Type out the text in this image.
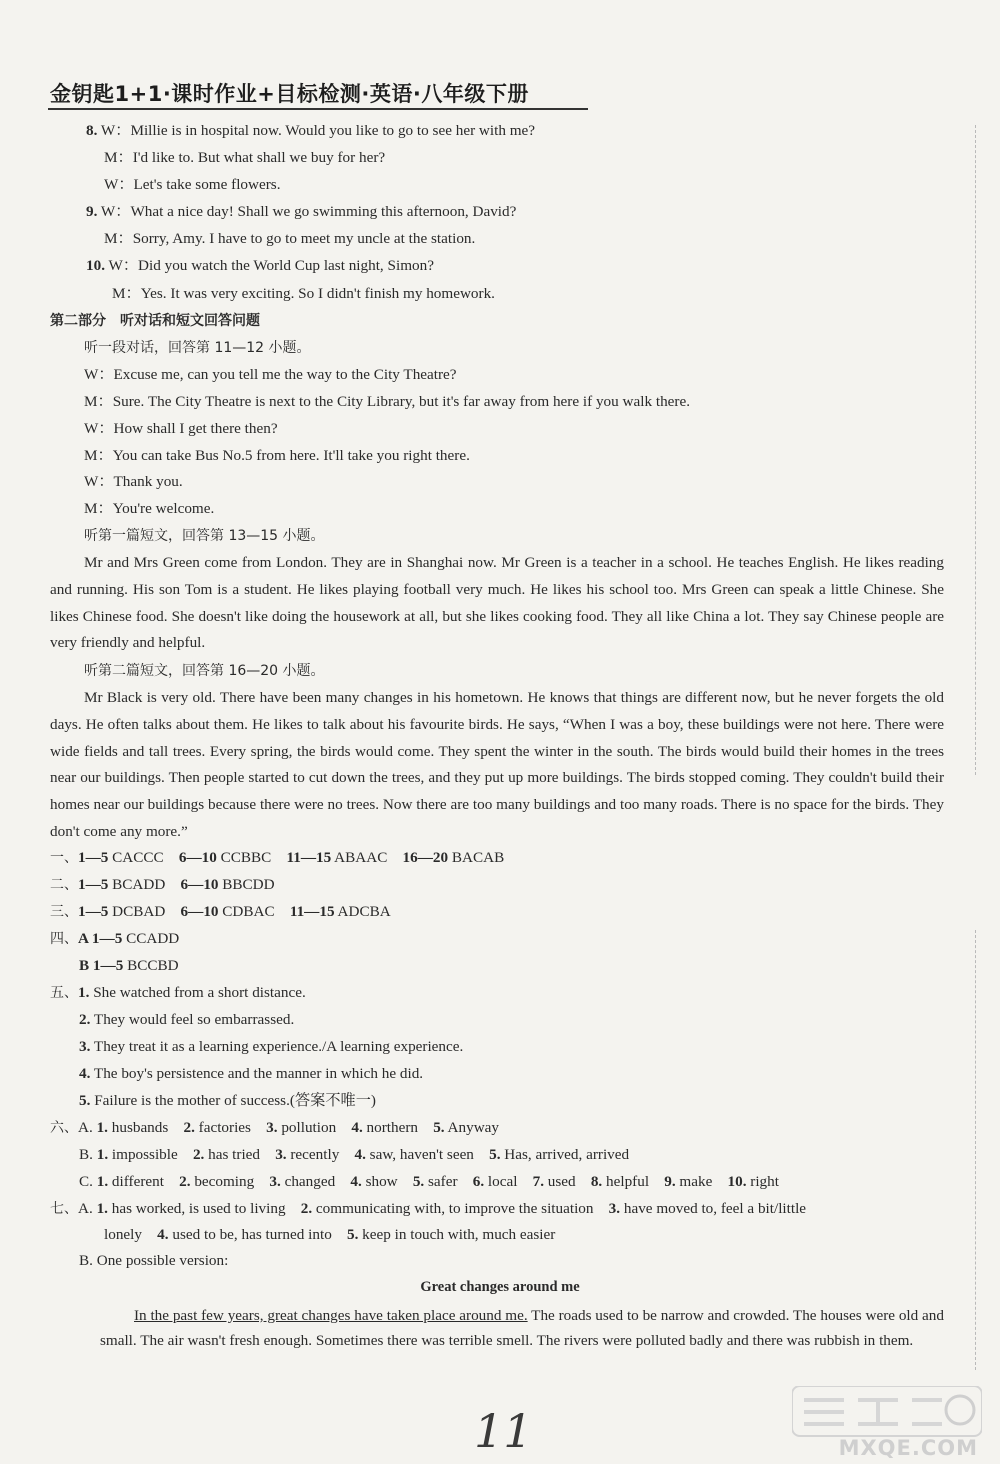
金钥匙1+1·课时作业+目标检测·英语·八年级下册
8. W：Millie is in hospital now. Would you like to go to see her with me?
M：I'd like to. But what shall we buy for her?
W：Let's take some flowers.
9. W：What a nice day! Shall we go swimming this afternoon, David?
M：Sorry, Amy. I have to go to meet my uncle at the station.
10. W：Did you watch the World Cup last night, Simon?
M：Yes. It was very exciting. So I didn't finish my homework.
第二部分　听对话和短文回答问题
听一段对话，回答第 11—12 小题。
W：Excuse me, can you tell me the way to the City Theatre?
M：Sure. The City Theatre is next to the City Library, but it's far away from here if you walk there.
W：How shall I get there then?
M：You can take Bus No.5 from here. It'll take you right there.
W：Thank you.
M：You're welcome.
听第一篇短文，回答第 13—15 小题。
Mr and Mrs Green come from London. They are in Shanghai now. Mr Green is a teacher in a school. He teaches English. He likes reading and running. His son Tom is a student. He likes playing football very much. He likes his school too. Mrs Green can speak a little Chinese. She likes Chinese food. She doesn't like doing the housework at all, but she likes cooking food. They all like China a lot. They say Chinese people are very friendly and helpful.
听第二篇短文，回答第 16—20 小题。
Mr Black is very old. There have been many changes in his hometown. He knows that things are different now, but he never forgets the old days. He often talks about them. He likes to talk about his favourite birds. He says, “When I was a boy, these buildings were not here. There were wide fields and tall trees. Every spring, the birds would come. They spent the winter in the south. The birds would build their homes in the trees near our buildings. Then people started to cut down the trees, and they put up more buildings. The birds stopped coming. They couldn't build their homes near our buildings because there were no trees. Now there are too many buildings and too many roads. There is no space for the birds. They don't come any more.”
一、1—5 CACCC　6—10 CCBBC　11—15 ABAAC　16—20 BACAB
二、1—5 BCADD　6—10 BBCDD
三、1—5 DCBAD　6—10 CDBAC　11—15 ADCBA
四、A 1—5 CCADD
B 1—5 BCCBD
五、1. She watched from a short distance.
2. They would feel so embarrassed.
3. They treat it as a learning experience./A learning experience.
4. The boy's persistence and the manner in which he did.
5. Failure is the mother of success.(答案不唯一)
六、A. 1. husbands　2. factories　3. pollution　4. northern　5. Anyway
B. 1. impossible　2. has tried　3. recently　4. saw, haven't seen　5. Has, arrived, arrived
C. 1. different　2. becoming　3. changed　4. show　5. safer　6. local　7. used　8. helpful　9. make　10. right
七、A. 1. has worked, is used to living　2. communicating with, to improve the situation　3. have moved to, feel a bit/little
lonely　4. used to be, has turned into　5. keep in touch with, much easier
B. One possible version:
Great changes around me
In the past few years, great changes have taken place around me. The roads used to be narrow and crowded. The houses were old and small. The air wasn't fresh enough. Sometimes there was terrible smell. The rivers were polluted badly and there was rubbish in them.
11	MXQE.COM
